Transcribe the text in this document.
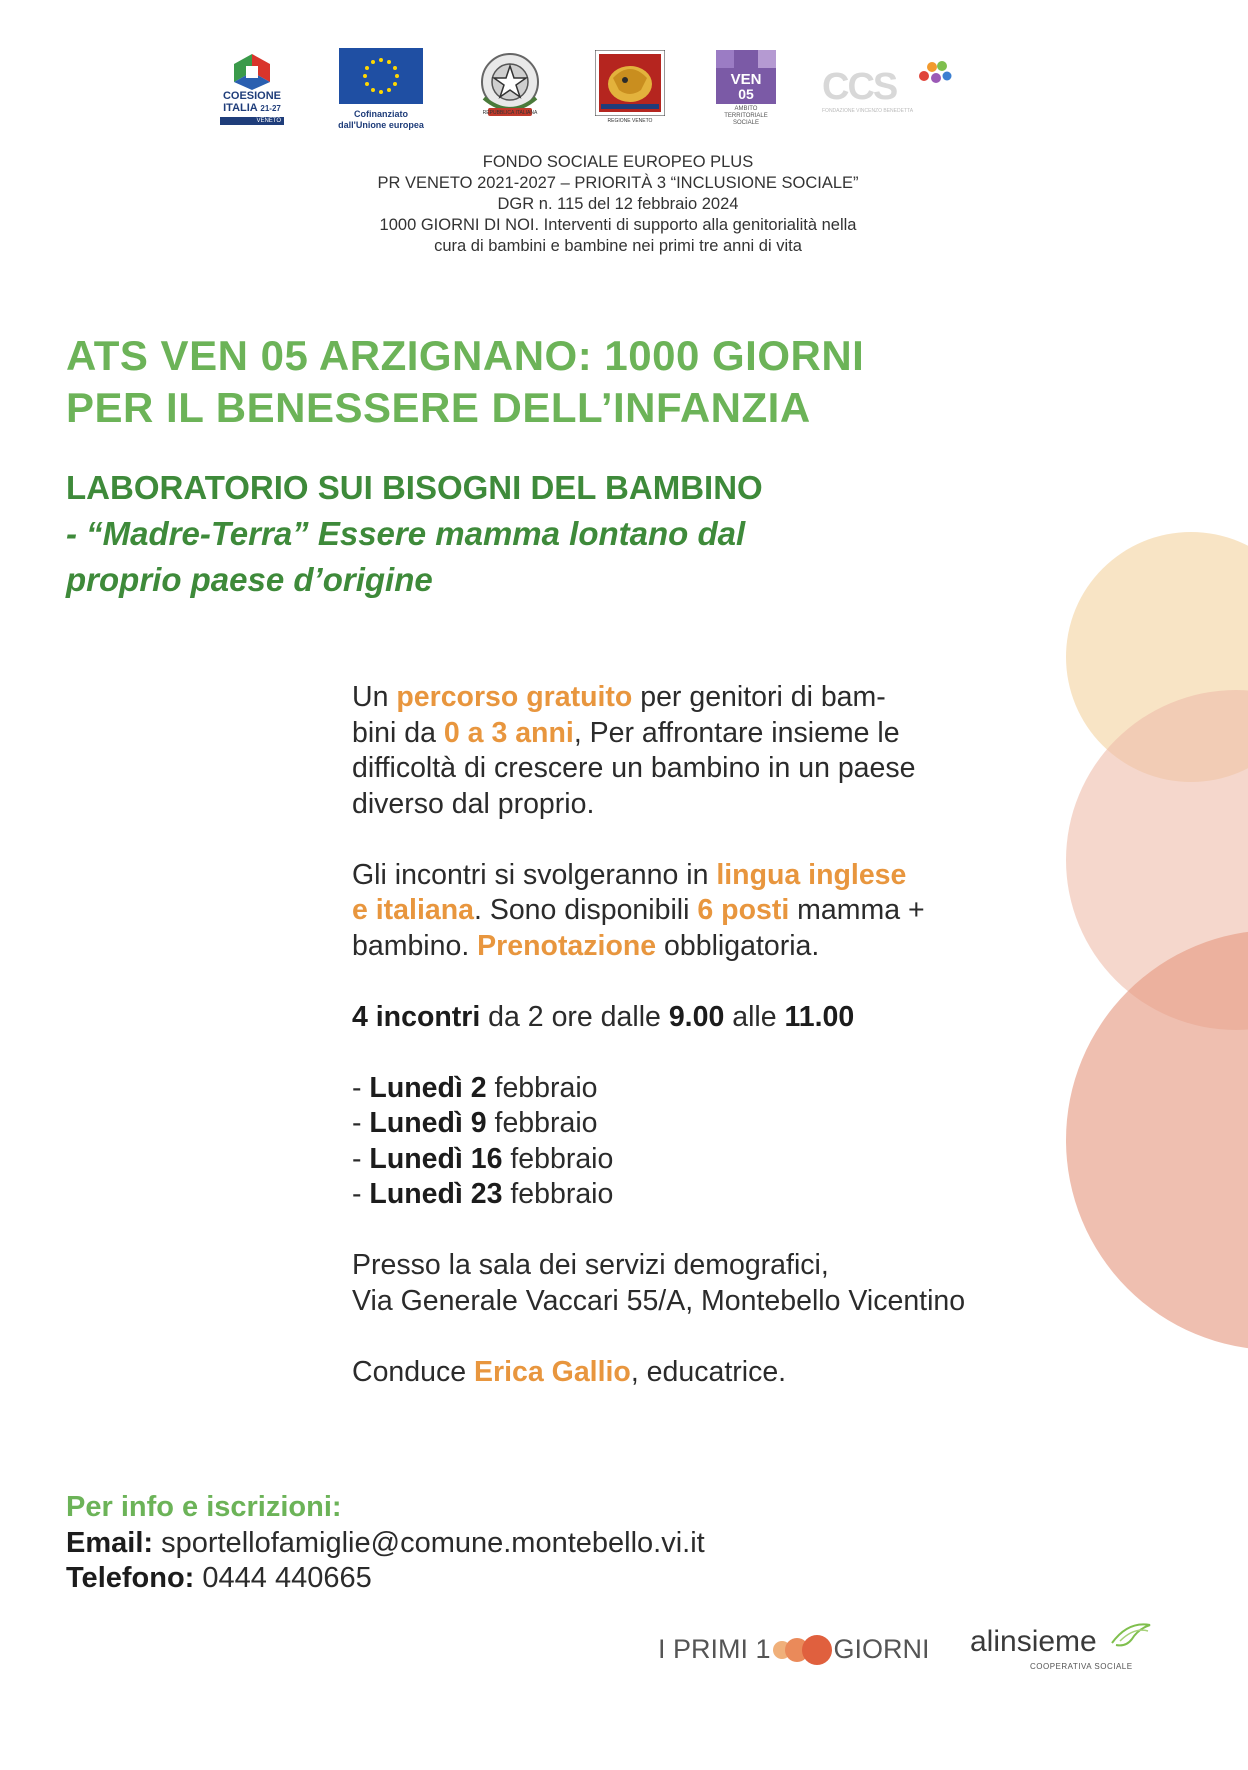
COESIONE
ITALIA 21-27
VENETO
Cofinanziato
dall'Unione europea
REPUBBLICA ITALIANA
REGIONE VENETO
VEN
05
AMBITO
TERRITORIALE
SOCIALE
CCS
FONDAZIONE VINCENZO BENEDETTA
FONDO SOCIALE EUROPEO PLUS
PR VENETO 2021-2027 – PRIORITÀ 3 “INCLUSIONE SOCIALE”
DGR n. 115 del 12 febbraio 2024
1000 GIORNI DI NOI. Interventi di supporto alla genitorialità nella
cura di bambini e bambine nei primi tre anni di vita
ATS VEN 05 ARZIGNANO: 1000 GIORNI
PER IL BENESSERE DELL’INFANZIA
LABORATORIO SUI BISOGNI DEL BAMBINO
- “Madre-Terra” Essere mamma lontano dal
proprio paese d’origine

Un percorso gratuito per genitori di bam-

bini da 0 a 3 anni, Per affrontare insieme le

difficoltà di crescere un bambino in un paese

diverso dal proprio.

Gli incontri si svolgeranno in lingua inglese

e italiana. Sono disponibili 6 posti mamma +

bambino. Prenotazione obbligatoria.

4 incontri da 2 ore dalle 9.00 alle 11.00

- Lunedì 2 febbraio

- Lunedì 9 febbraio

- Lunedì 16 febbraio

- Lunedì 23 febbraio

Presso la sala dei servizi demografici,

Via Generale Vaccari 55/A, Montebello Vicentino

Conduce Erica Gallio, educatrice.

Per info e iscrizioni:
Email: sportellofamiglie@comune.montebello.vi.it
Telefono: 0444 440665
I PRIMI 1 GIORNI alinsieme
COOPERATIVA SOCIALE
